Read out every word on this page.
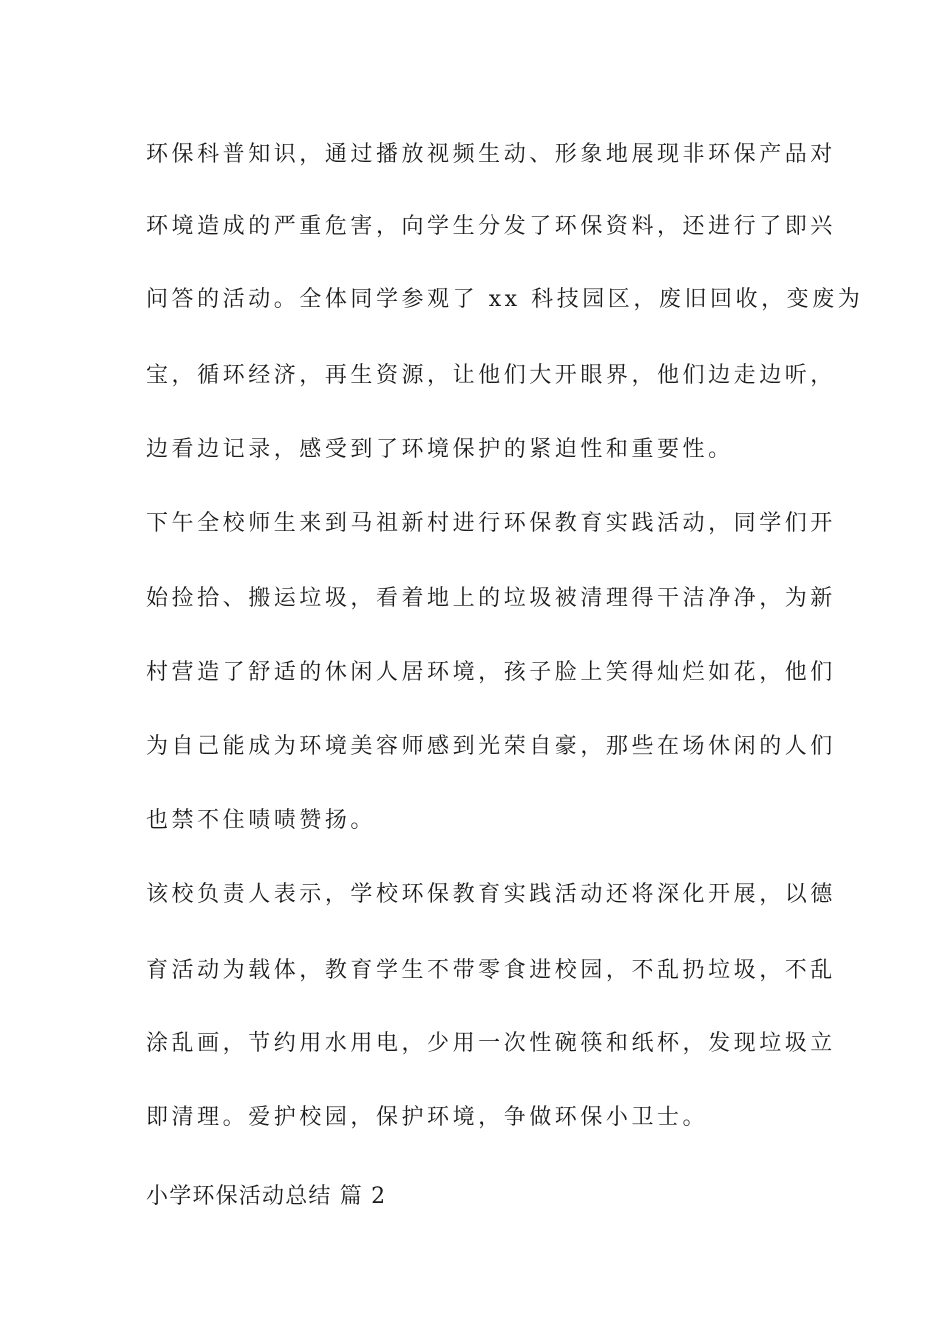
环保科普知识，通过播放视频生动、形象地展现非环保产品对
环境造成的严重危害，向学生分发了环保资料，还进行了即兴
问答的活动。全体同学参观了 xx 科技园区，废旧回收，变废为
宝，循环经济，再生资源，让他们大开眼界，他们边走边听，
边看边记录，感受到了环境保护的紧迫性和重要性。
下午全校师生来到马祖新村进行环保教育实践活动，同学们开
始捡拾、搬运垃圾，看着地上的垃圾被清理得干洁净净，为新
村营造了舒适的休闲人居环境，孩子脸上笑得灿烂如花，他们
为自己能成为环境美容师感到光荣自豪，那些在场休闲的人们
也禁不住啧啧赞扬。
该校负责人表示，学校环保教育实践活动还将深化开展，以德
育活动为载体，教育学生不带零食进校园，不乱扔垃圾，不乱
涂乱画，节约用水用电，少用一次性碗筷和纸杯，发现垃圾立
即清理。爱护校园，保护环境，争做环保小卫士。
小学环保活动总结 篇 2
